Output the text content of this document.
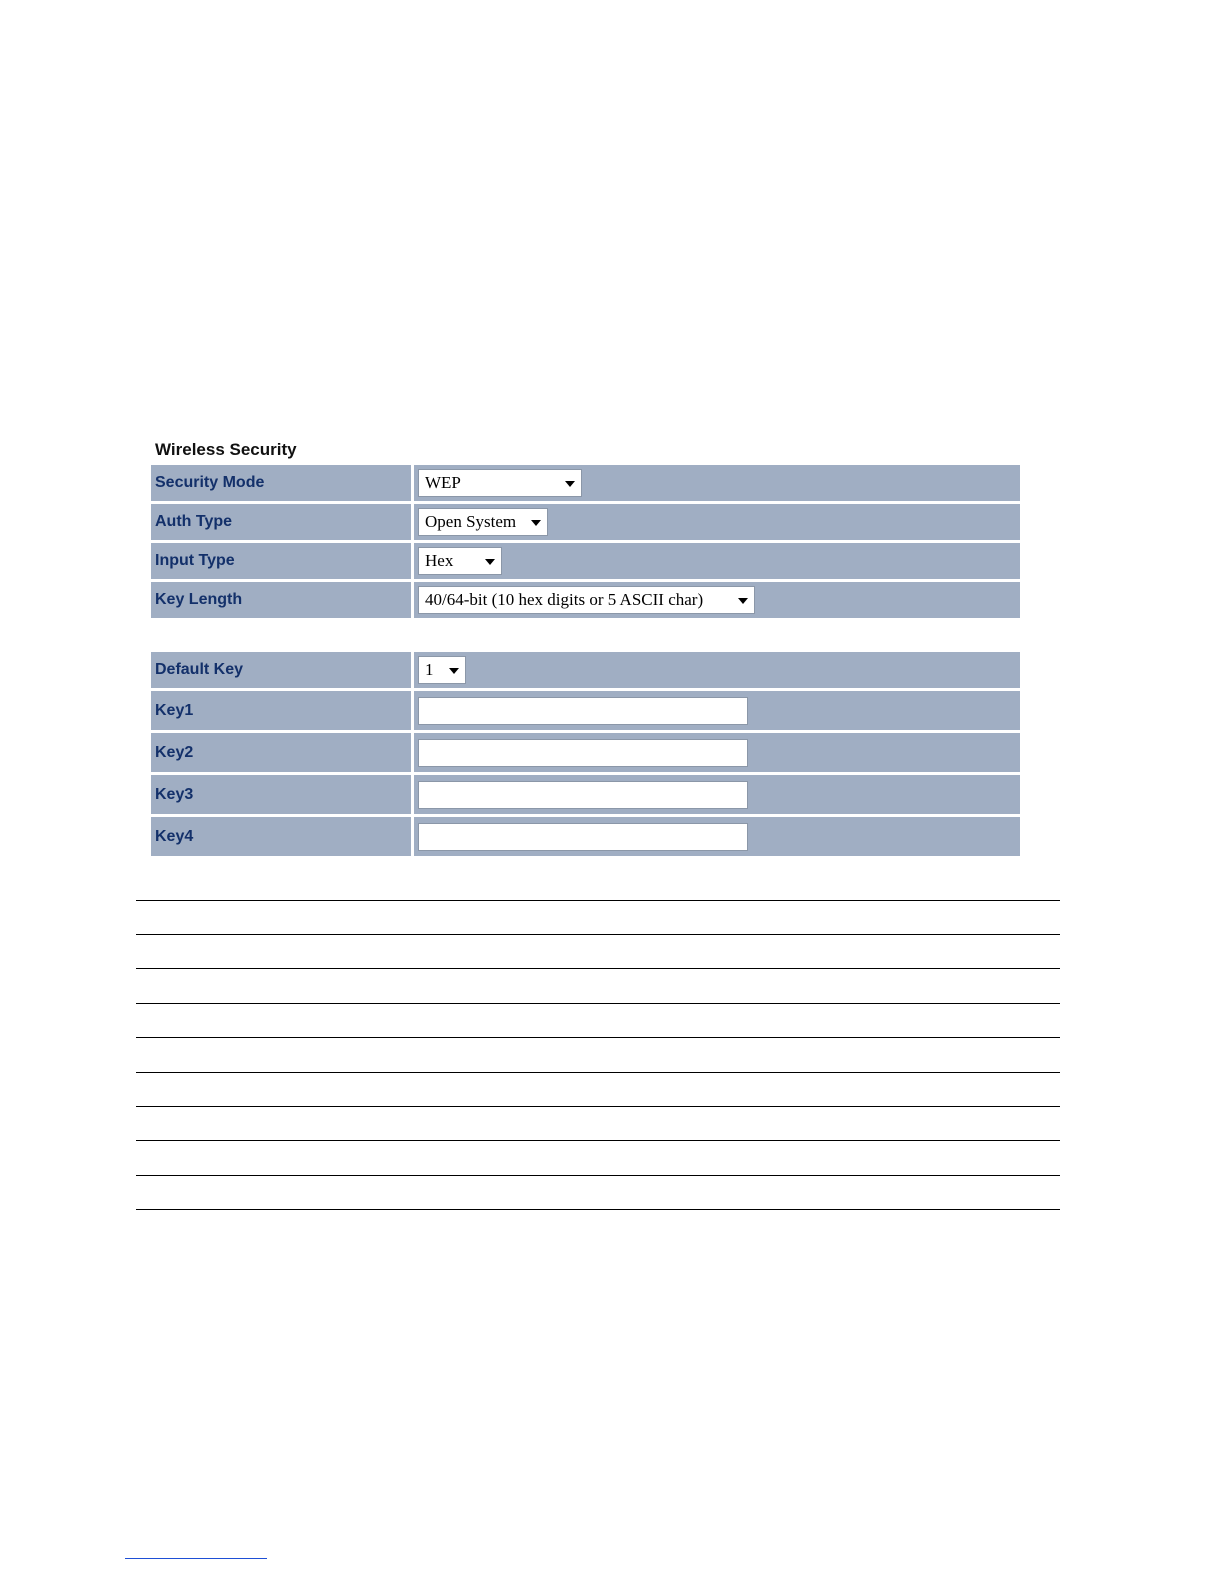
Wireless Security
Security Mode	WEP
Auth Type	Open System
Input Type	Hex
Key Length	40/64-bit (10 hex digits or 5 ASCII char)
Default Key	1
Key1
Key2
Key3
Key4
